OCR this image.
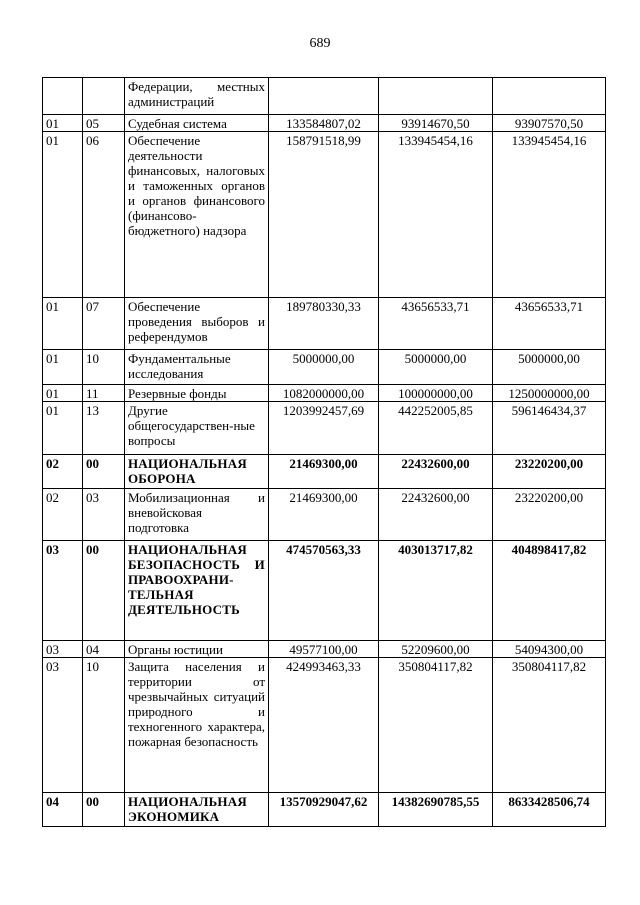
689
		Федерации, местных администраций			
01	05	Судебная система	133584807,02	93914670,50	93907570,50
01	06	Обеспечение деятельности финансовых, налоговых и таможенных органов и органов финансового (финансово-бюджетного) надзора	158791518,99	133945454,16	133945454,16
01	07	Обеспечение проведения выборов и референдумов	189780330,33	43656533,71	43656533,71
01	10	Фундаментальные исследования	5000000,00	5000000,00	5000000,00
01	11	Резервные фонды	1082000000,00	100000000,00	1250000000,00
01	13	Другие общегосударствен-ные вопросы	1203992457,69	442252005,85	596146434,37
02	00	НАЦИОНАЛЬНАЯ ОБОРОНА	21469300,00	22432600,00	23220200,00
02	03	Мобилизационная и вневойсковая подготовка	21469300,00	22432600,00	23220200,00
03	00	НАЦИОНАЛЬНАЯ БЕЗОПАСНОСТЬ И ПРАВООХРАНИ-ТЕЛЬНАЯ ДЕЯТЕЛЬНОСТЬ	474570563,33	403013717,82	404898417,82
03	04	Органы юстиции	49577100,00	52209600,00	54094300,00
03	10	Защита населения и территории от чрезвычайных ситуаций природного и техногенного характера, пожарная безопасность	424993463,33	350804117,82	350804117,82
04	00	НАЦИОНАЛЬНАЯ ЭКОНОМИКА	13570929047,62	14382690785,55	8633428506,74
